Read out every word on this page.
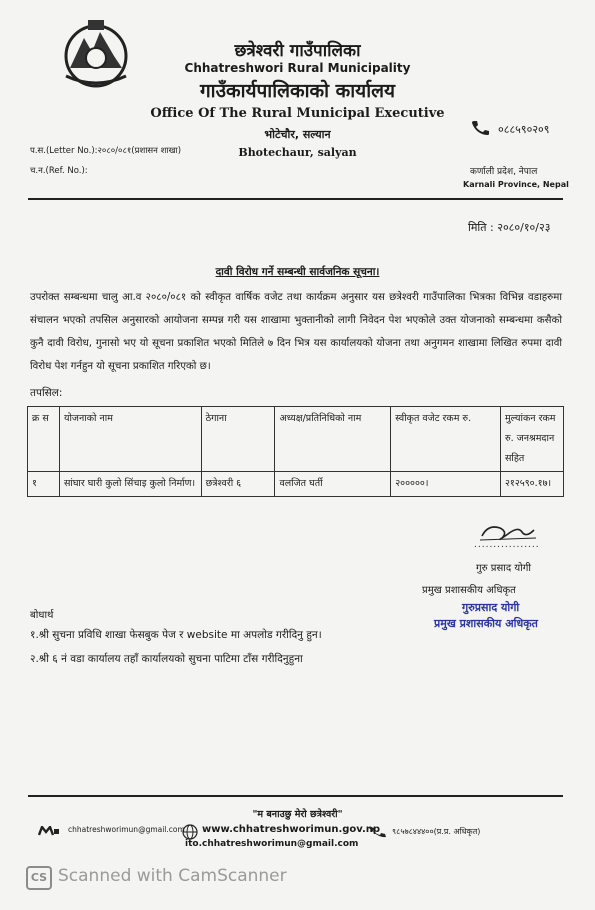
छत्रेश्वरी गाउँपालिका
Chhatreshwori Rural Municipality
गाउँकार्यपालिकाको कार्यालय
Office Of The Rural Municipal Executive
भोटेचौर, सल्यान
Bhotechaur, salyan
०८८५९०२०९
प.स.(Letter No.):२०८०/०८१(प्रशासन शाखा)
च.न.(Ref. No.):	कर्णाली प्रदेश, नेपाल
Karnali Province, Nepal
मिति : २०८०/१०/२३
दावी विरोध गर्ने सम्बन्धी सार्वजनिक सूचना।
उपरोक्त सम्बन्धमा चालु आ.व २०८०/०८१ को स्वीकृत वार्षिक वजेट तथा कार्यक्रम अनुसार यस छत्रेश्वरी गाउँपालिका भित्रका विभिन्न वडाहरुमा संचालन भएको तपसिल अनुसारको आयोजना सम्पन्न गरी यस शाखामा भुक्तानीको लागी निवेदन पेश भएकोले उक्त योजनाको सम्बन्धमा कसैको कुनै दावी विरोध, गुनासो भए यो सूचना प्रकाशित भएको मितिले ७ दिन भित्र यस कार्यालयको योजना तथा अनुगमन शाखामा लिखित रुपमा दावी विरोध पेश गर्नहुन यो सूचना प्रकाशित गरिएको छ।
तपसिल:
क्र स	योजनाको नाम	ठेगाना	अध्यक्ष/प्रतिनिधिको नाम	स्वीकृत वजेट रकम रु.	मुल्यांकन रकम रु. जनश्रमदान सहित
१	सांघार घारी कुलो सिंचाइ कुलो निर्माण।	छत्रेश्वरी ६	वलजित घर्ती	२०००००।	२१२५९०.१७।
.................
गुरु प्रसाद योगी
प्रमुख प्रशासकीय अधिकृत
गुरुप्रसाद योगी
प्रमुख प्रशासकीय अधिकृत
बोधार्थ
१.श्री सुचना प्रविधि शाखा फेसबुक पेज र website मा अपलोड गरीदिनु हुन।
२.श्री ६ नं वडा कार्यालय तहाँ कार्यालयको सुचना पाटिमा टाँस गरीदिनुहुना
"म बनाउछु मेरो छत्रेश्वरी"
chhatreshworimun@gmail.com www.chhatreshworimun.gov.np
ito.chhatreshworimun@gmail.com
९८५७८४४४००(प्र.प्र. अधिकृत)
CS Scanned with CamScanner
